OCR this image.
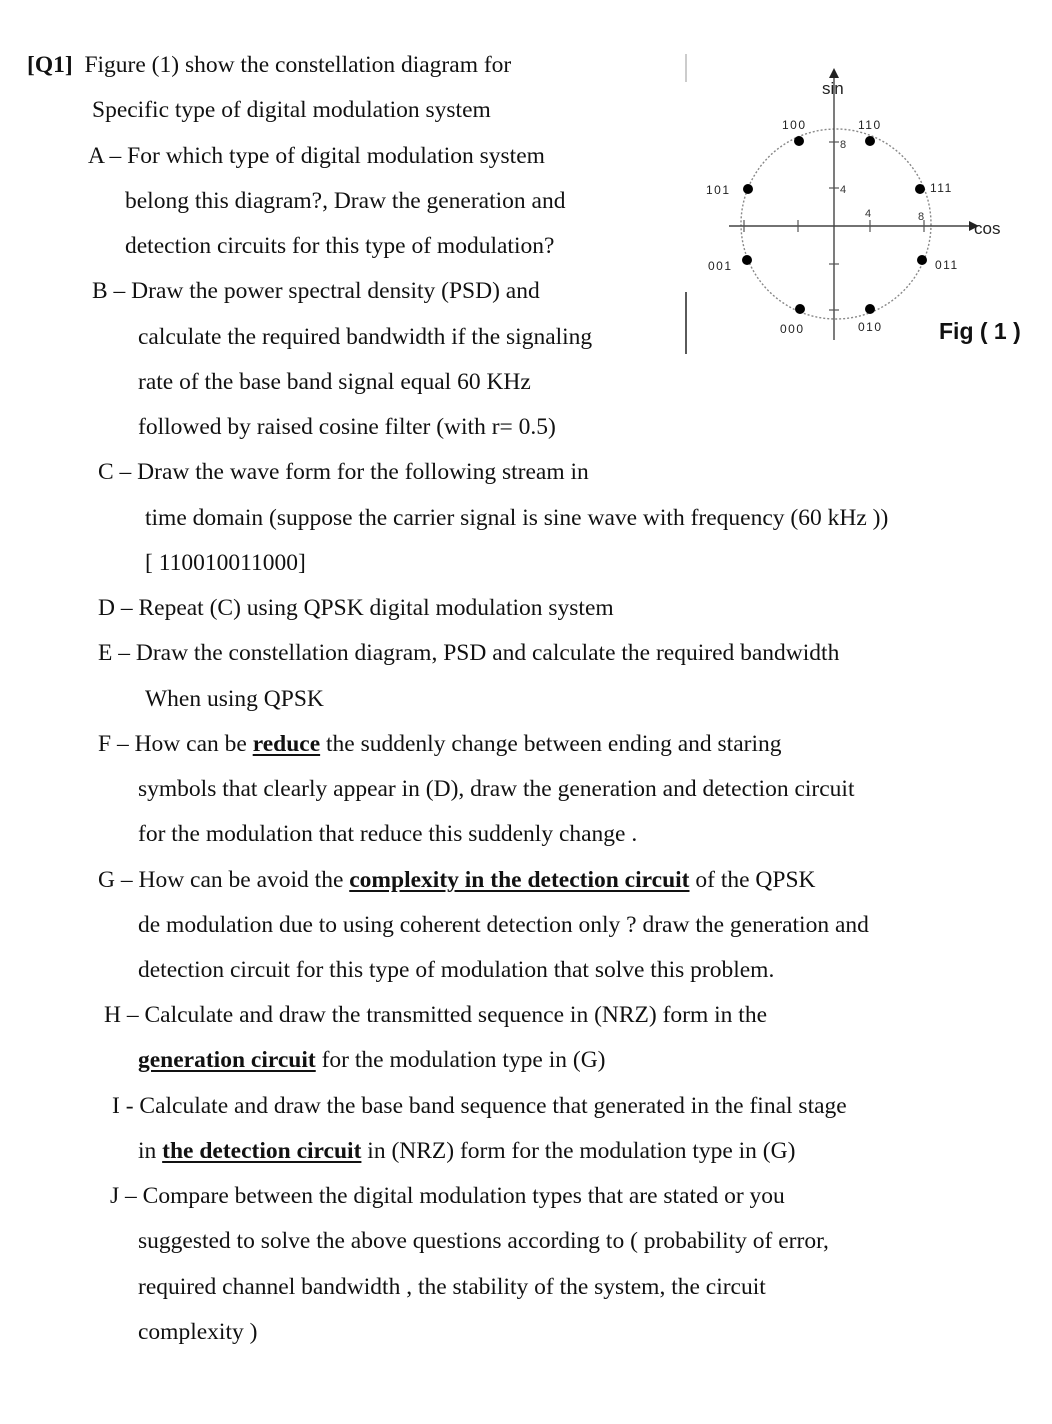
[Q1] Figure (1) show the constellation diagram for
Specific type of digital modulation system
A – For which type of digital modulation system
belong this diagram?, Draw the generation and
detection circuits for this type of modulation?
B – Draw the power spectral density (PSD) and
calculate the required bandwidth if the signaling
rate of the base band signal equal 60 KHz
followed by raised cosine filter (with r= 0.5)
C – Draw the wave form for the following stream in
time domain (suppose the carrier signal is sine wave with frequency (60 kHz ))
[ 110010011000]
D – Repeat (C) using QPSK digital modulation system
E – Draw the constellation diagram, PSD and calculate the required bandwidth
When using QPSK
F – How can be reduce the suddenly change between ending and staring
symbols that clearly appear in (D), draw the generation and detection circuit
for the modulation that reduce this suddenly change .
G – How can be avoid the complexity in the detection circuit of the QPSK
de modulation due to using coherent detection only ? draw the generation and
detection circuit for this type of modulation that solve this problem.
H – Calculate and draw the transmitted sequence in (NRZ) form in the
generation circuit for the modulation type in (G)
I - Calculate and draw the base band sequence that generated in the final stage
in the detection circuit in (NRZ) form for the modulation type in (G)
J – Compare between the digital modulation types that are stated or you
suggested to solve the above questions according to ( probability of error,
required channel bandwidth , the stability of the system, the circuit
complexity )
sin
cos
8
4
4	8
100	110
101	111
001	011
000	010 Fig ( 1 )
